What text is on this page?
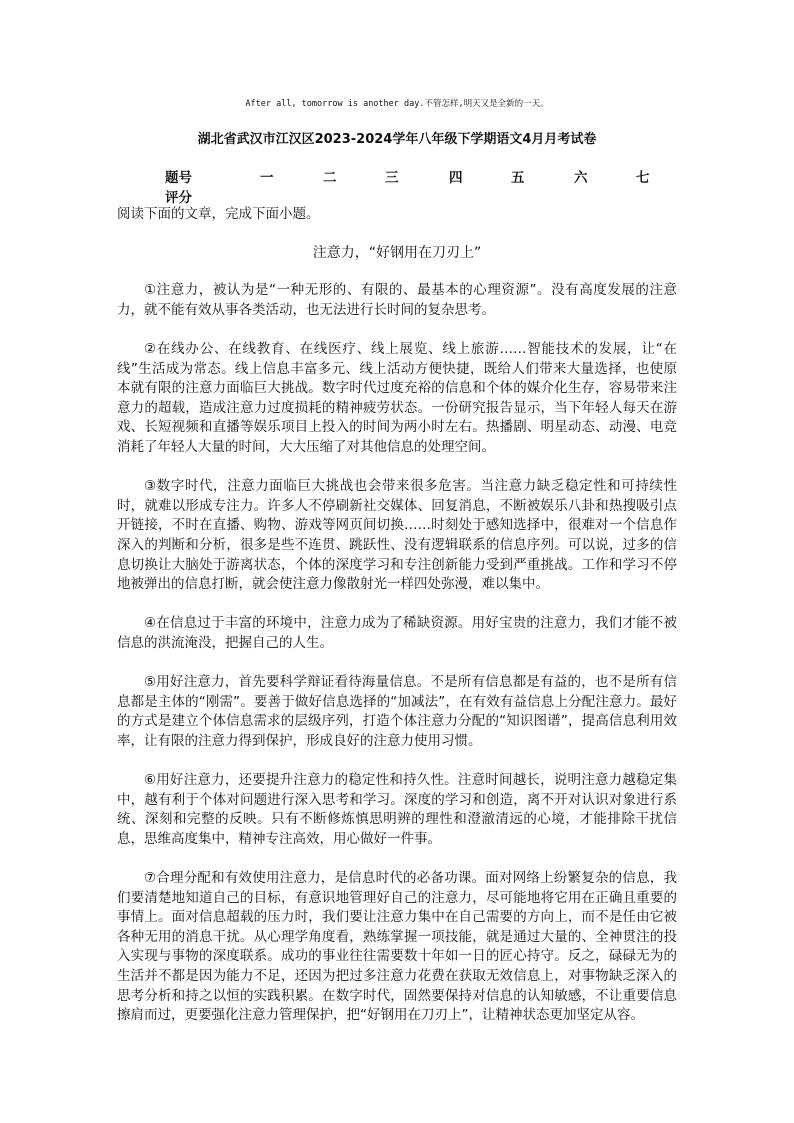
After all, tomorrow is another day.不管怎样,明天又是全新的一天。
湖北省武汉市江汉区2023-2024学年八年级下学期语文4月月考试卷
题号	一	二	三	四	五	六	七
评分

阅读下面的文章，完成下面小题。

注意力，“好钢用在刀刃上”

①注意力，被认为是“一种无形的、有限的、最基本的心理资源”。没有高度发展的注意力，就不能有效从事各类活动，也无法进行长时间的复杂思考。

②在线办公、在线教育、在线医疗、线上展览、线上旅游……智能技术的发展，让“在线”生活成为常态。线上信息丰富多元、线上活动方便快捷，既给人们带来大量选择，也使原本就有限的注意力面临巨大挑战。数字时代过度充裕的信息和个体的媒介化生存，容易带来注意力的超载，造成注意力过度损耗的精神疲劳状态。一份研究报告显示，当下年轻人每天在游戏、长短视频和直播等娱乐项目上投入的时间为两小时左右。热播剧、明星动态、动漫、电竞消耗了年轻人大量的时间，大大压缩了对其他信息的处理空间。

③数字时代，注意力面临巨大挑战也会带来很多危害。当注意力缺乏稳定性和可持续性时，就难以形成专注力。许多人不停刷新社交媒体、回复消息，不断被娱乐八卦和热搜吸引点开链接，不时在直播、购物、游戏等网页间切换……时刻处于感知选择中，很难对一个信息作深入的判断和分析，很多是些不连贯、跳跃性、没有逻辑联系的信息序列。可以说，过多的信息切换让大脑处于游离状态，个体的深度学习和专注创新能力受到严重挑战。工作和学习不停地被弹出的信息打断，就会使注意力像散射光一样四处弥漫，难以集中。

④在信息过于丰富的环境中，注意力成为了稀缺资源。用好宝贵的注意力，我们才能不被信息的洪流淹没，把握自己的人生。

⑤用好注意力，首先要科学辩证看待海量信息。不是所有信息都是有益的，也不是所有信息都是主体的“刚需”。要善于做好信息选择的“加减法”，在有效有益信息上分配注意力。最好的方式是建立个体信息需求的层级序列，打造个体注意力分配的“知识图谱”，提高信息利用效率，让有限的注意力得到保护，形成良好的注意力使用习惯。

⑥用好注意力，还要提升注意力的稳定性和持久性。注意时间越长，说明注意力越稳定集中，越有利于个体对问题进行深入思考和学习。深度的学习和创造，离不开对认识对象进行系统、深刻和完整的反映。只有不断修炼慎思明辨的理性和澄澈清远的心境，才能排除干扰信息，思维高度集中，精神专注高效，用心做好一件事。

⑦合理分配和有效使用注意力，是信息时代的必备功课。面对网络上纷繁复杂的信息，我们要清楚地知道自己的目标，有意识地管理好自己的注意力，尽可能地将它用在正确且重要的事情上。面对信息超载的压力时，我们要让注意力集中在自己需要的方向上，而不是任由它被各种无用的消息干扰。从心理学角度看，熟练掌握一项技能，就是通过大量的、全神贯注的投入实现与事物的深度联系。成功的事业往往需要数十年如一日的匠心持守。反之，碌碌无为的生活并不都是因为能力不足，还因为把过多注意力花费在获取无效信息上，对事物缺乏深入的思考分析和持之以恒的实践积累。在数字时代，固然要保持对信息的认知敏感，不让重要信息擦肩而过，更要强化注意力管理保护，把“好钢用在刀刃上”，让精神状态更加坚定从容。
